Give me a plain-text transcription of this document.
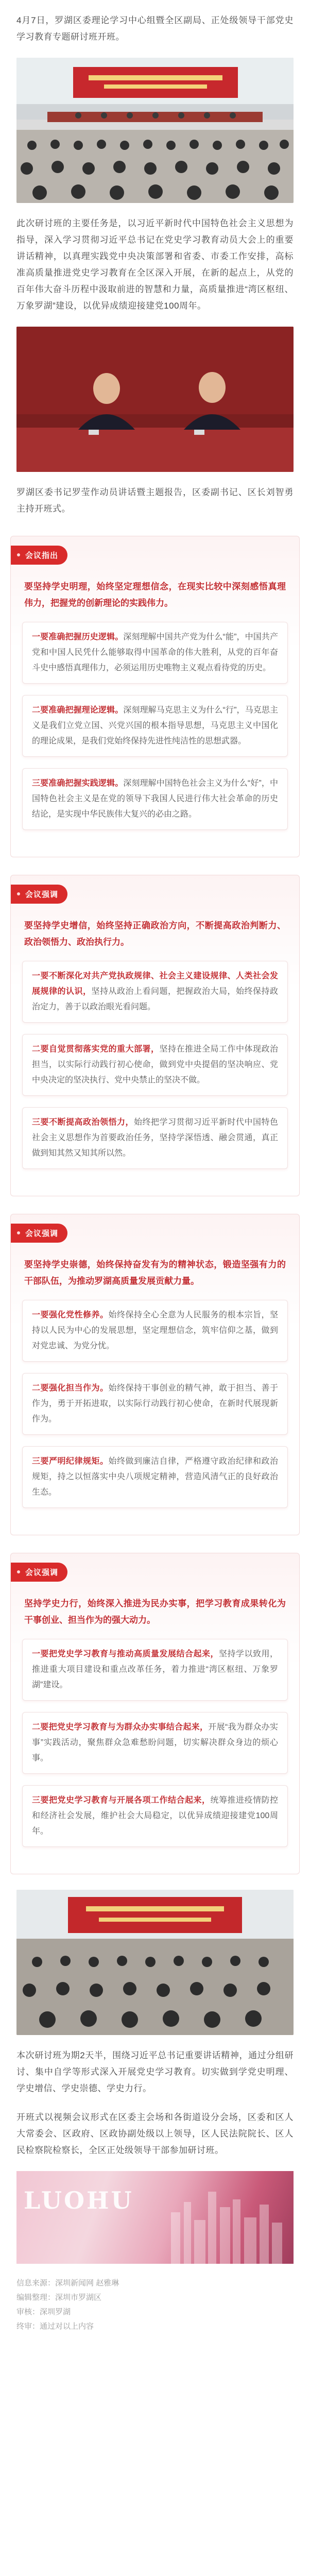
4月7日，罗湖区委理论学习中心组暨全区副局、正处级领导干部党史学习教育专题研讨班开班。

此次研讨班的主要任务是，以习近平新时代中国特色社会主义思想为指导，深入学习贯彻习近平总书记在党史学习教育动员大会上的重要讲话精神，以真理实践党中央决策部署和省委、市委工作安排，高标准高质量推进党史学习教育在全区深入开展，在新的起点上，从党的百年伟大奋斗历程中汲取前进的智慧和力量，高质量推进“湾区枢纽、万象罗湖”建设，以优异成绩迎接建党100周年。

罗湖区委书记罗莹作动员讲话暨主题报告，区委副书记、区长刘智勇主持开班式。

会议指出

要坚持学史明理，始终坚定理想信念，在现实比较中深刻感悟真理伟力，把握党的创新理论的实践伟力。

一要准确把握历史逻辑。深刻理解中国共产党为什么“能”，中国共产党和中国人民凭什么能够取得中国革命的伟大胜利，从党的百年奋斗史中感悟真理伟力，必须运用历史唯物主义观点看待党的历史。
二要准确把握理论逻辑。深刻理解马克思主义为什么“行”，马克思主义是我们立党立国、兴党兴国的根本指导思想，马克思主义中国化的理论成果，是我们党始终保持先进性纯洁性的思想武器。
三要准确把握实践逻辑。深刻理解中国特色社会主义为什么“好”，中国特色社会主义是在党的领导下我国人民进行伟大社会革命的历史结论，是实现中华民族伟大复兴的必由之路。
会议强调

要坚持学史增信，始终坚持正确政治方向，不断提高政治判断力、政治领悟力、政治执行力。

一要不断深化对共产党执政规律、社会主义建设规律、人类社会发展规律的认识，坚持从政治上看问题，把握政治大局，始终保持政治定力，善于以政治眼光看问题。
二要自觉贯彻落实党的重大部署，坚持在推进全局工作中体现政治担当，以实际行动践行初心使命，做到党中央提倡的坚决响应、党中央决定的坚决执行、党中央禁止的坚决不做。
三要不断提高政治领悟力，始终把学习贯彻习近平新时代中国特色社会主义思想作为首要政治任务，坚持学深悟透、融会贯通，真正做到知其然又知其所以然。
会议强调

要坚持学史崇德，始终保持奋发有为的精神状态，锻造坚强有力的干部队伍，为推动罗湖高质量发展贡献力量。

一要强化党性修养。始终保持全心全意为人民服务的根本宗旨，坚持以人民为中心的发展思想，坚定理想信念，筑牢信仰之基，做到对党忠诚、为党分忧。
二要强化担当作为。始终保持干事创业的精气神，敢于担当、善于作为，勇于开拓进取，以实际行动践行初心使命，在新时代展现新作为。
三要严明纪律规矩。始终做到廉洁自律，严格遵守政治纪律和政治规矩，持之以恒落实中央八项规定精神，营造风清气正的良好政治生态。
会议强调

坚持学史力行，始终深入推进为民办实事，把学习教育成果转化为干事创业、担当作为的强大动力。

一要把党史学习教育与推动高质量发展结合起来，坚持学以致用，推进重大项目建设和重点改革任务，着力推进“湾区枢纽、万象罗湖”建设。
二要把党史学习教育与为群众办实事结合起来，开展“我为群众办实事”实践活动，聚焦群众急难愁盼问题，切实解决群众身边的烦心事。
三要把党史学习教育与开展各项工作结合起来，统筹推进疫情防控和经济社会发展，维护社会大局稳定，以优异成绩迎接建党100周年。

本次研讨班为期2天半，围绕习近平总书记重要讲话精神，通过分组研讨、集中自学等形式深入开展党史学习教育。切实做到学党史明理、学史增信、学史崇德、学史力行。

开班式以视频会议形式在区委主会场和各街道设分会场，区委和区人大常委会、区政府、区政协副处级以上领导，区人民法院院长、区人民检察院检察长，全区正处级领导干部参加研讨班。

LUOHU
信息来源：深圳新闻网 赵雅琳
编辑整理：深圳市罗湖区
审核：深圳罗湖
终审：通过对以上内容
